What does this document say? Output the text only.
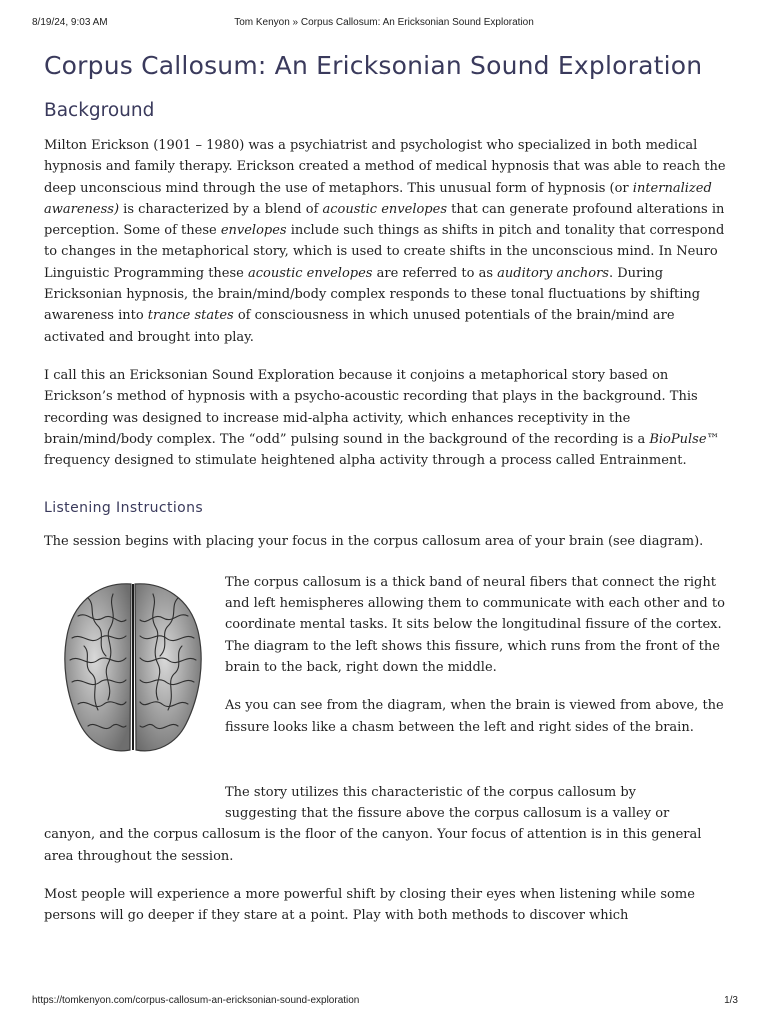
8/19/24, 9:03 AM	Tom Kenyon » Corpus Callosum: An Ericksonian Sound Exploration
Corpus Callosum: An Ericksonian Sound Exploration
Background

Milton Erickson (1901 – 1980) was a psychiatrist and psychologist who specialized in both medical hypnosis and family therapy. Erickson created a method of medical hypnosis that was able to reach the deep unconscious mind through the use of metaphors. This unusual form of hypnosis (or internalized awareness) is characterized by a blend of acoustic envelopes that can generate profound alterations in perception. Some of these envelopes include such things as shifts in pitch and tonality that correspond to changes in the metaphorical story, which is used to create shifts in the unconscious mind. In Neuro Linguistic Programming these acoustic envelopes are referred to as auditory anchors. During Ericksonian hypnosis, the brain/mind/body complex responds to these tonal fluctuations by shifting awareness into trance states of consciousness in which unused potentials of the brain/mind are activated and brought into play.

I call this an Ericksonian Sound Exploration because it conjoins a metaphorical story based on Erickson’s method of hypnosis with a psycho-acoustic recording that plays in the background. This recording was designed to increase mid-alpha activity, which enhances receptivity in the brain/mind/body complex. The “odd” pulsing sound in the background of the recording is a BioPulse™ frequency designed to stimulate heightened alpha activity through a process called Entrainment.

Listening Instructions

The session begins with placing your focus in the corpus callosum area of your brain (see diagram).

The corpus callosum is a thick band of neural fibers that connect the right and left hemispheres allowing them to communicate with each other and to coordinate mental tasks. It sits below the longitudinal fissure of the cortex. The diagram to the left shows this fissure, which runs from the front of the brain to the back, right down the middle.

As you can see from the diagram, when the brain is viewed from above, the fissure looks like a chasm between the left and right sides of the brain.

The story utilizes this characteristic of the corpus callosum by
suggesting that the fissure above the corpus callosum is a valley or
canyon, and the corpus callosum is the floor of the canyon. Your focus of attention is in this general area throughout the session.

Most people will experience a more powerful shift by closing their eyes when listening while some persons will go deeper if they stare at a point. Play with both methods to discover which

https://tomkenyon.com/corpus-callosum-an-ericksonian-sound-exploration	1/3
